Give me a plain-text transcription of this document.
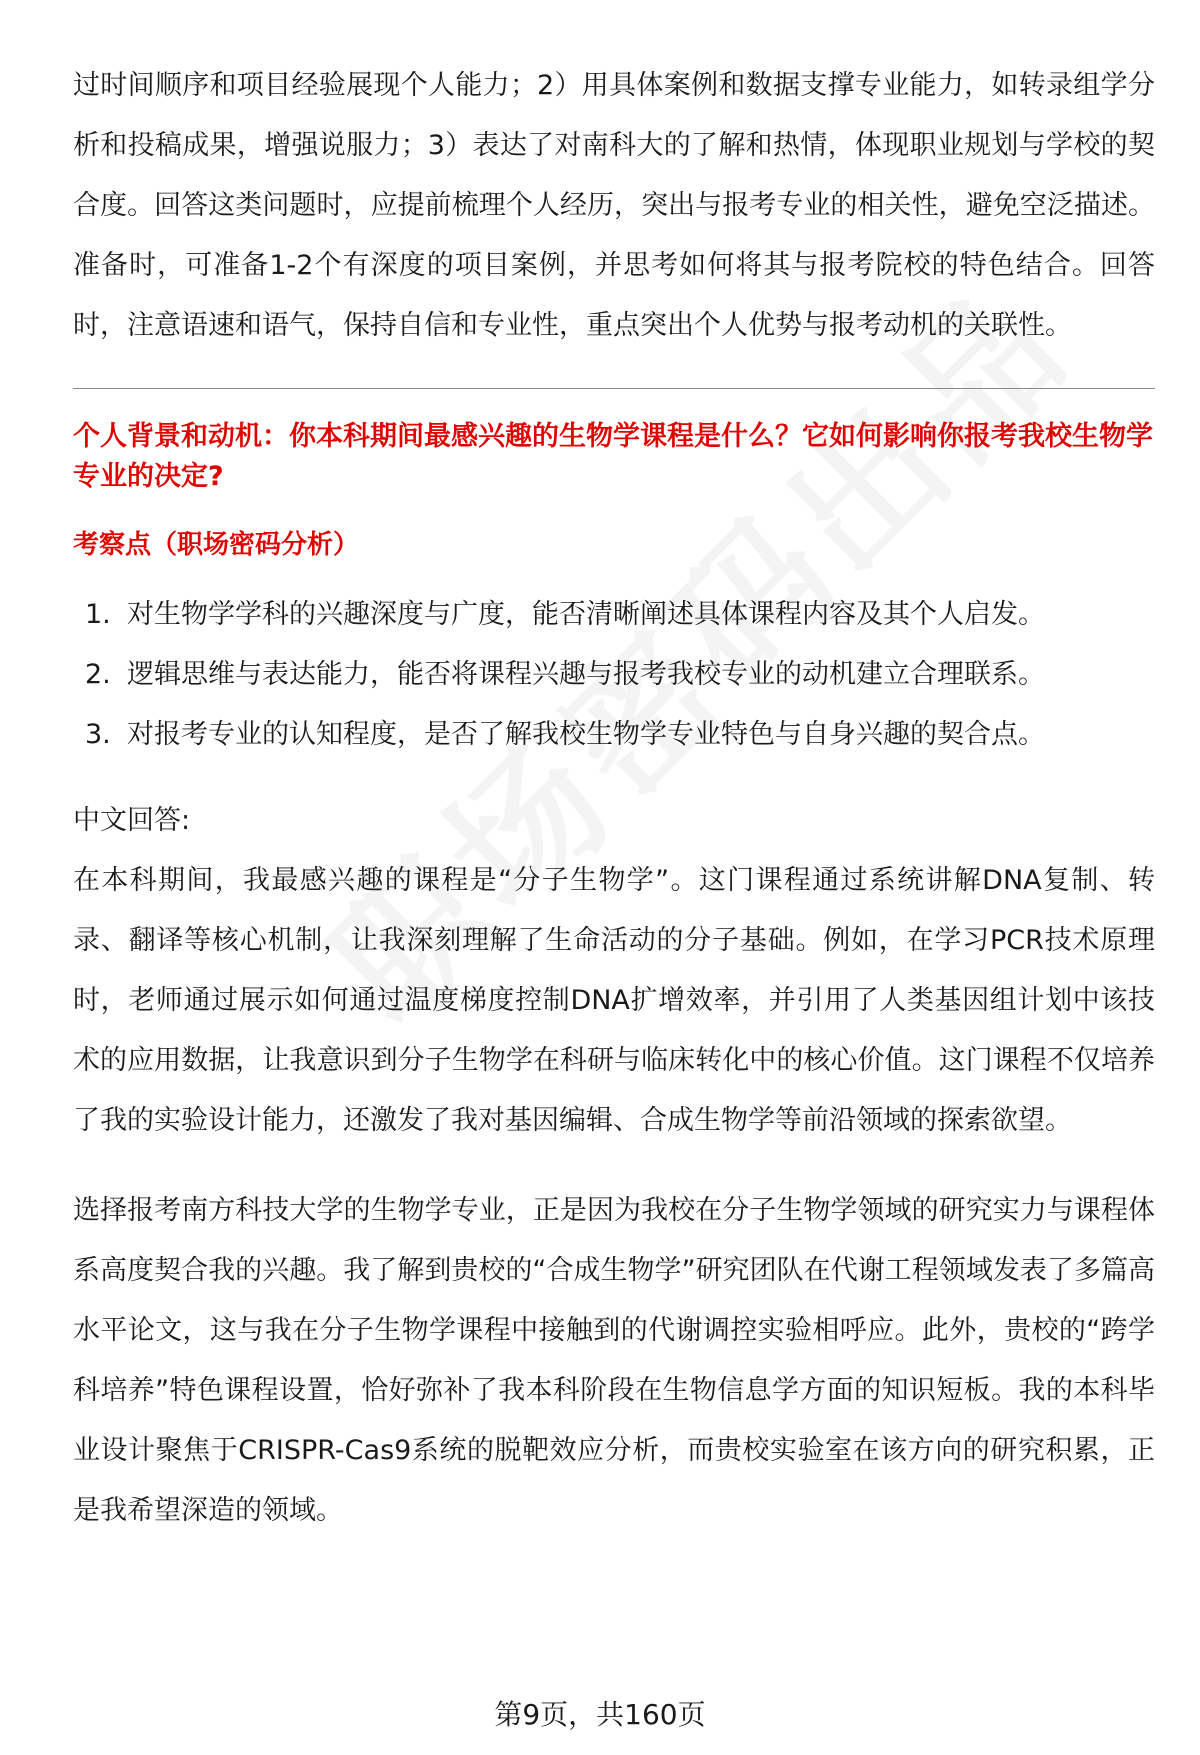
过时间顺序和项目经验展现个人能力；2）用具体案例和数据支撑专业能力，如转录组学分析和投稿成果，增强说服力；3）表达了对南科大的了解和热情，体现职业规划与学校的契合度。回答这类问题时，应提前梳理个人经历，突出与报考专业的相关性，避免空泛描述。准备时，可准备1-2个有深度的项目案例，并思考如何将其与报考院校的特色结合。回答时，注意语速和语气，保持自信和专业性，重点突出个人优势与报考动机的关联性。

个人背景和动机：你本科期间最感兴趣的生物学课程是什么？它如何影响你报考我校生物学专业的决定?

考察点（职场密码分析）

1. 对生物学学科的兴趣深度与广度，能否清晰阐述具体课程内容及其个人启发。
2. 逻辑思维与表达能力，能否将课程兴趣与报考我校专业的动机建立合理联系。
3. 对报考专业的认知程度，是否了解我校生物学专业特色与自身兴趣的契合点。

中文回答:

在本科期间，我最感兴趣的课程是“分子生物学”。这门课程通过系统讲解DNA复制、转录、翻译等核心机制，让我深刻理解了生命活动的分子基础。例如，在学习PCR技术原理时，老师通过展示如何通过温度梯度控制DNA扩增效率，并引用了人类基因组计划中该技术的应用数据，让我意识到分子生物学在科研与临床转化中的核心价值。这门课程不仅培养了我的实验设计能力，还激发了我对基因编辑、合成生物学等前沿领域的探索欲望。

选择报考南方科技大学的生物学专业，正是因为我校在分子生物学领域的研究实力与课程体系高度契合我的兴趣。我了解到贵校的“合成生物学”研究团队在代谢工程领域发表了多篇高水平论文，这与我在分子生物学课程中接触到的代谢调控实验相呼应。此外，贵校的“跨学科培养”特色课程设置，恰好弥补了我本科阶段在生物信息学方面的知识短板。我的本科毕业设计聚焦于CRISPR-Cas9系统的脱靶效应分析，而贵校实验室在该方向的研究积累，正是我希望深造的领域。

第9页，共160页
